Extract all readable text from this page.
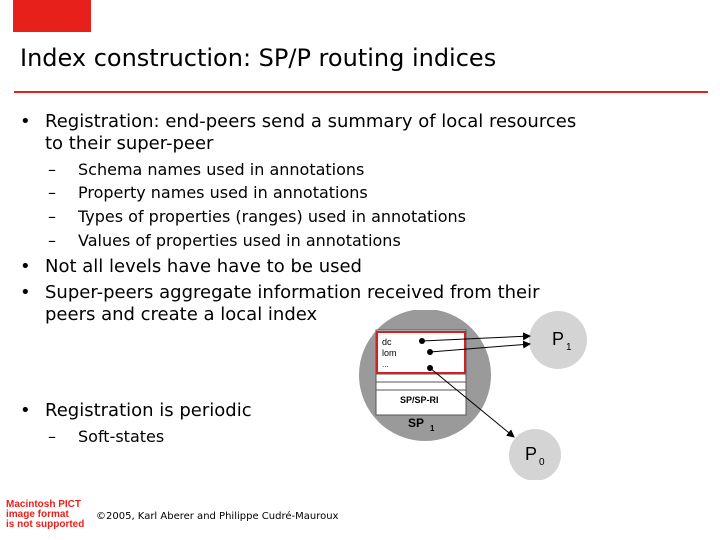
Index construction: SP/P routing indices
• Registration: end-peers send a summary of local resources
to their super-peer
– Schema names used in annotations
– Property names used in annotations
– Types of properties (ranges) used in annotations
– Values of properties used in annotations
• Not all levels have have to be used
• Super-peers aggregate information received from their
peers and create a local index
• Registration is periodic
– Soft-states
dc
lom
...
SP/SP-RI
SP 1
P 1
P 0
Macintosh PICT
image format
is not supported
©2005, Karl Aberer and Philippe Cudré-Mauroux
